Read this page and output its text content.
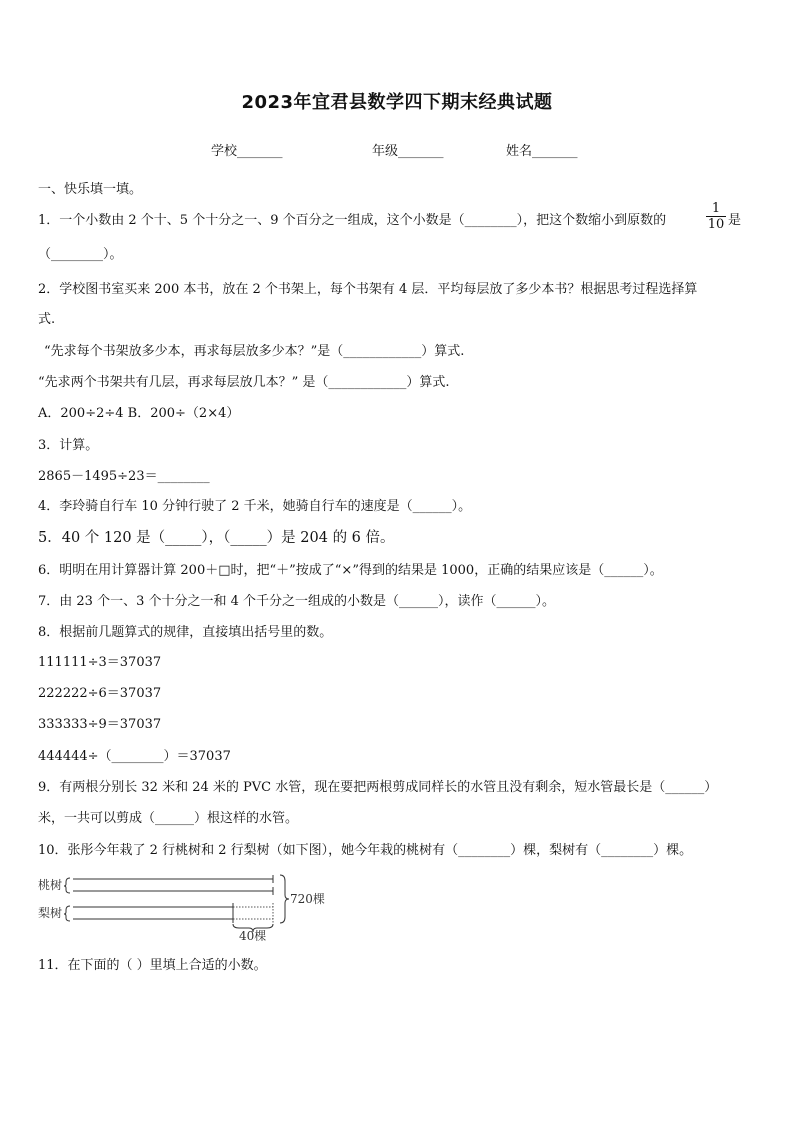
2023年宜君县数学四下期末经典试题
学校_______	年级_______	姓名_______
一、快乐填一填。
1．一个小数由 2 个十、5 个十分之一、9 个百分之一组成，这个小数是（________），把这个数缩小到原数的	$\frac{1}{10}$ 是
（________）。
2．学校图书室买来 200 本书，放在 2 个书架上，每个书架有 4 层．平均每层放了多少本书？根据思考过程选择算
式.
“先求每个书架放多少本，再求每层放多少本？”是（____________）算式.
“先求两个书架共有几层，再求每层放几本？” 是（____________）算式.
A．200÷2÷4 B．200÷（2×4）
3．计算。
2865－1495÷23＝________
4．李玲骑自行车 10 分钟行驶了 2 千米，她骑自行车的速度是（______）。
5．40 个 120 是（_____），（_____）是 204 的 6 倍。
6．明明在用计算器计算 200＋□时，把“＋”按成了“×”得到的结果是 1000，正确的结果应该是（______）。
7．由 23 个一、3 个十分之一和 4 个千分之一组成的小数是（______），读作（______）。
8．根据前几题算式的规律，直接填出括号里的数。
111111÷3＝37037
222222÷6＝37037
333333÷9＝37037
444444÷（________）＝37037
9．有两根分别长 32 米和 24 米的 PVC 水管，现在要把两根剪成同样长的水管且没有剩余，短水管最长是（______）
米，一共可以剪成（______）根这样的水管。
10．张彤今年栽了 2 行桃树和 2 行梨树（如下图），她今年栽的桃树有（________）棵，梨树有（________）棵。
桃树
梨树
720棵
40棵
11．在下面的（ ）里填上合适的小数。
